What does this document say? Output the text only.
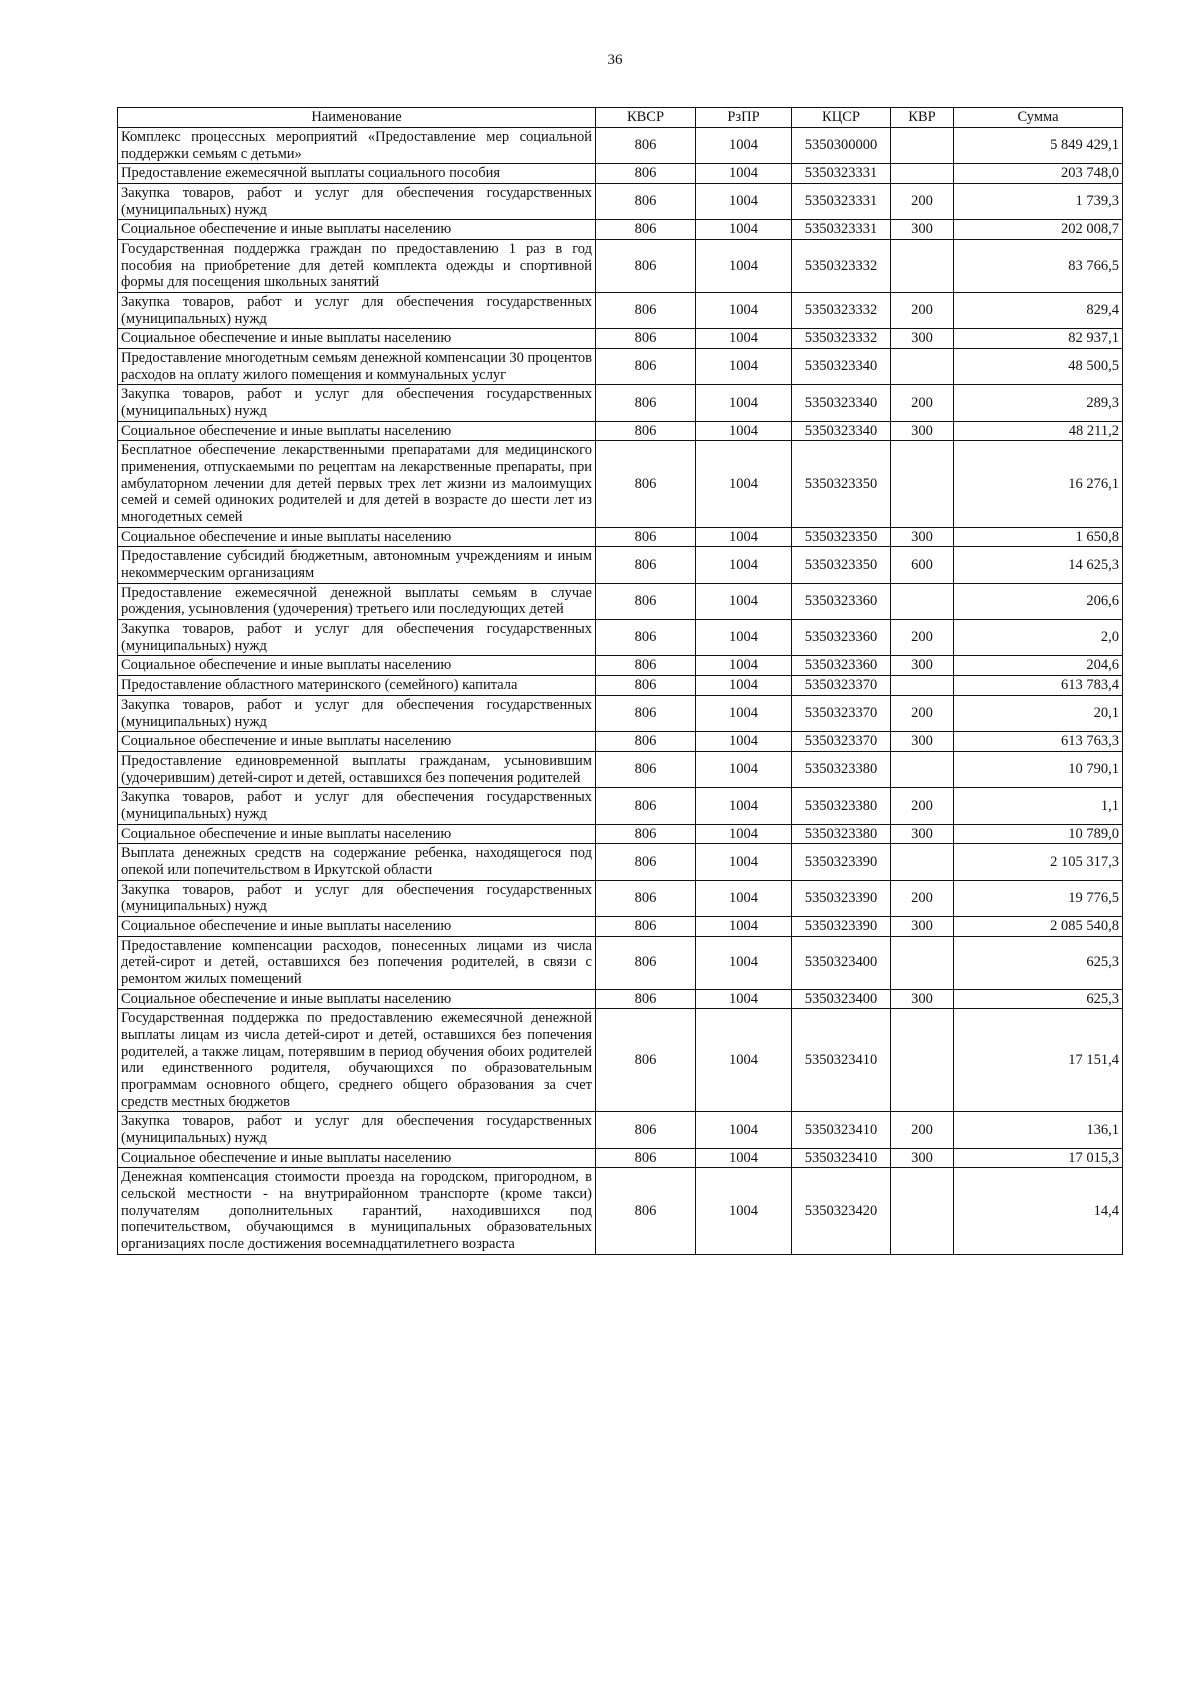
36
Наименование	КВСР	РзПР	КЦСР	КВР	Сумма
Комплекс процессных мероприятий «Предоставление мер социальной поддержки семьям с детьми»	806	1004	5350300000		5 849 429,1
Предоставление ежемесячной выплаты социального пособия	806	1004	5350323331		203 748,0
Закупка товаров, работ и услуг для обеспечения государственных (муниципальных) нужд	806	1004	5350323331	200	1 739,3
Социальное обеспечение и иные выплаты населению	806	1004	5350323331	300	202 008,7
Государственная поддержка граждан по предоставлению 1 раз в год пособия на приобретение для детей комплекта одежды и спортивной формы для посещения школьных занятий	806	1004	5350323332		83 766,5
Закупка товаров, работ и услуг для обеспечения государственных (муниципальных) нужд	806	1004	5350323332	200	829,4
Социальное обеспечение и иные выплаты населению	806	1004	5350323332	300	82 937,1
Предоставление многодетным семьям денежной компенсации 30 процентов расходов на оплату жилого помещения и коммунальных услуг	806	1004	5350323340		48 500,5
Закупка товаров, работ и услуг для обеспечения государственных (муниципальных) нужд	806	1004	5350323340	200	289,3
Социальное обеспечение и иные выплаты населению	806	1004	5350323340	300	48 211,2
Бесплатное обеспечение лекарственными препаратами для медицинского применения, отпускаемыми по рецептам на лекарственные препараты, при амбулаторном лечении для детей первых трех лет жизни из малоимущих семей и семей одиноких родителей и для детей в возрасте до шести лет из многодетных семей	806	1004	5350323350		16 276,1
Социальное обеспечение и иные выплаты населению	806	1004	5350323350	300	1 650,8
Предоставление субсидий бюджетным, автономным учреждениям и иным некоммерческим организациям	806	1004	5350323350	600	14 625,3
Предоставление ежемесячной денежной выплаты семьям в случае рождения, усыновления (удочерения) третьего или последующих детей	806	1004	5350323360		206,6
Закупка товаров, работ и услуг для обеспечения государственных (муниципальных) нужд	806	1004	5350323360	200	2,0
Социальное обеспечение и иные выплаты населению	806	1004	5350323360	300	204,6
Предоставление областного материнского (семейного) капитала	806	1004	5350323370		613 783,4
Закупка товаров, работ и услуг для обеспечения государственных (муниципальных) нужд	806	1004	5350323370	200	20,1
Социальное обеспечение и иные выплаты населению	806	1004	5350323370	300	613 763,3
Предоставление единовременной выплаты гражданам, усыновившим (удочерившим) детей-сирот и детей, оставшихся без попечения родителей	806	1004	5350323380		10 790,1
Закупка товаров, работ и услуг для обеспечения государственных (муниципальных) нужд	806	1004	5350323380	200	1,1
Социальное обеспечение и иные выплаты населению	806	1004	5350323380	300	10 789,0
Выплата денежных средств на содержание ребенка, находящегося под опекой или попечительством в Иркутской области	806	1004	5350323390		2 105 317,3
Закупка товаров, работ и услуг для обеспечения государственных (муниципальных) нужд	806	1004	5350323390	200	19 776,5
Социальное обеспечение и иные выплаты населению	806	1004	5350323390	300	2 085 540,8
Предоставление компенсации расходов, понесенных лицами из числа детей-сирот и детей, оставшихся без попечения родителей, в связи с ремонтом жилых помещений	806	1004	5350323400		625,3
Социальное обеспечение и иные выплаты населению	806	1004	5350323400	300	625,3
Государственная поддержка по предоставлению ежемесячной денежной выплаты лицам из числа детей-сирот и детей, оставшихся без попечения родителей, а также лицам, потерявшим в период обучения обоих родителей или единственного родителя, обучающихся по образовательным программам основного общего, среднего общего образования за счет средств местных бюджетов	806	1004	5350323410		17 151,4
Закупка товаров, работ и услуг для обеспечения государственных (муниципальных) нужд	806	1004	5350323410	200	136,1
Социальное обеспечение и иные выплаты населению	806	1004	5350323410	300	17 015,3
Денежная компенсация стоимости проезда на городском, пригородном, в сельской местности - на внутрирайонном транспорте (кроме такси) получателям дополнительных гарантий, находившихся под попечительством, обучающимся в муниципальных образовательных организациях после достижения восемнадцатилетнего возраста	806	1004	5350323420		14,4
